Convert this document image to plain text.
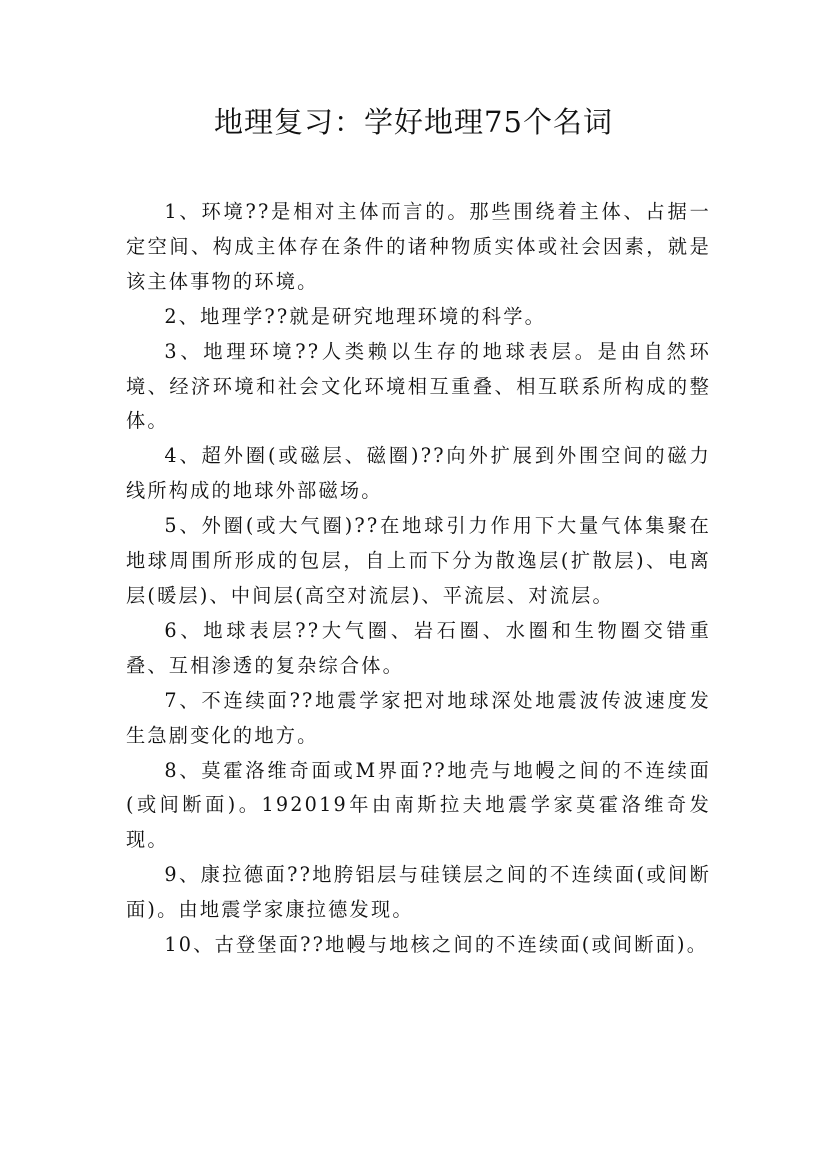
地理复习：学好地理75个名词

1、环境??是相对主体而言的。那些围绕着主体、占据一定空间、构成主体存在条件的诸种物质实体或社会因素，就是该主体事物的环境。

2、地理学??就是研究地理环境的科学。

3、地理环境??人类赖以生存的地球表层。是由自然环境、经济环境和社会文化环境相互重叠、相互联系所构成的整体。

4、超外圈(或磁层、磁圈)??向外扩展到外围空间的磁力线所构成的地球外部磁场。

5、外圈(或大气圈)??在地球引力作用下大量气体集聚在地球周围所形成的包层，自上而下分为散逸层(扩散层)、电离层(暖层)、中间层(高空对流层)、平流层、对流层。

6、地球表层??大气圈、岩石圈、水圈和生物圈交错重叠、互相渗透的复杂综合体。

7、不连续面??地震学家把对地球深处地震波传波速度发生急剧变化的地方。

8、莫霍洛维奇面或M界面??地壳与地幔之间的不连续面(或间断面)。192019年由南斯拉夫地震学家莫霍洛维奇发现。

9、康拉德面??地胯铝层与硅镁层之间的不连续面(或间断面)。由地震学家康拉德发现。

10、古登堡面??地幔与地核之间的不连续面(或间断面)。
